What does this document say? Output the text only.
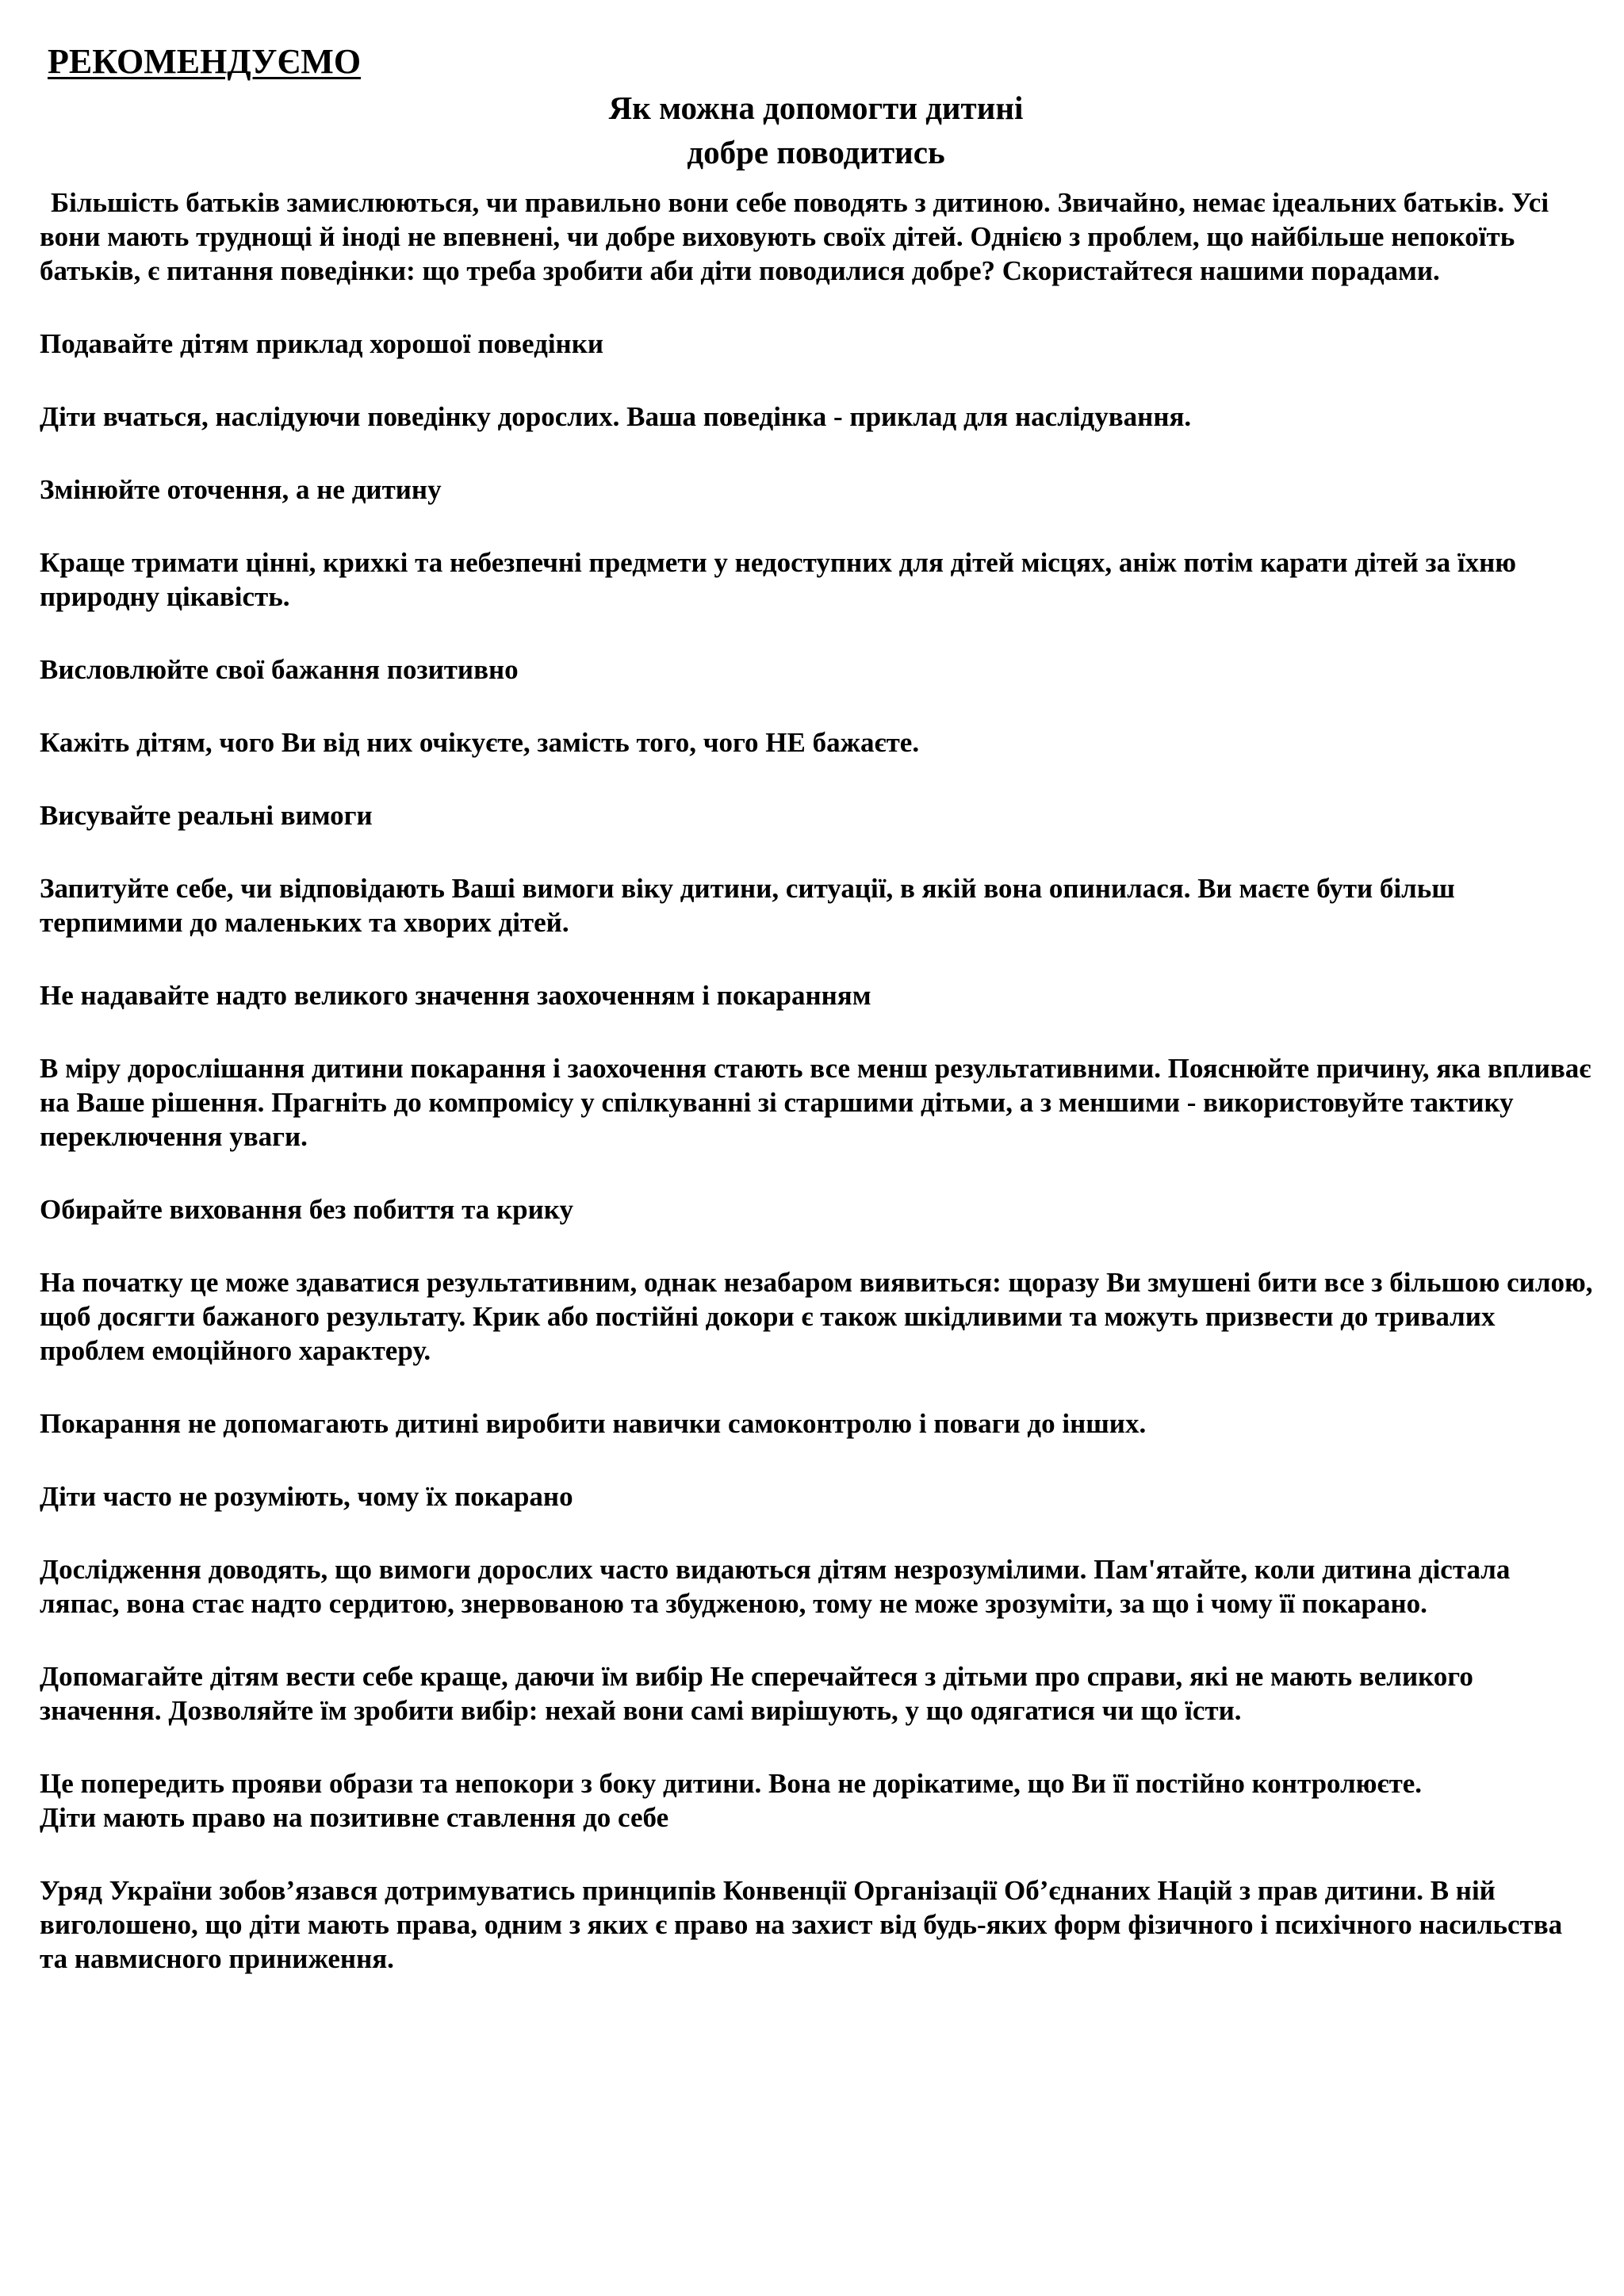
РЕКОМЕНДУЄМО

Як можна допомогти дитині
добре поводитись

Більшість батьків замислюються, чи правильно вони себе поводять з дитиною. Звичайно, немає ідеальних батьків. Усі вони мають труднощі й іноді не впевнені, чи добре виховують своїх дітей. Однією з проблем, що найбільше непокоїть батьків, є питання поведінки: що треба зробити аби діти поводилися добре? Скористайтеся нашими порадами.

Подавайте дітям приклад хорошої поведінки

Діти вчаться, наслідуючи поведінку дорослих. Ваша поведінка - приклад для наслідування.

Змінюйте оточення, а не дитину

Краще тримати цінні, крихкі та небезпечні предмети у недоступних для дітей місцях, аніж потім карати дітей за їхню природну цікавість.

Висловлюйте свої бажання позитивно

Кажіть дітям, чого Ви від них очікуєте, замість того, чого НЕ бажаєте.

Висувайте реальні вимоги

Запитуйте себе, чи відповідають Ваші вимоги віку дитини, ситуації, в якій вона опинилася. Ви маєте бути більш терпимими до маленьких та хворих дітей.

Не надавайте надто великого значення заохоченням і покаранням

В міру дорослішання дитини покарання і заохочення стають все менш результативними. Пояснюйте причину, яка впливає на Ваше рішення. Прагніть до компромісу у спілкуванні зі старшими дітьми, а з меншими - використовуйте тактику переключення уваги.

Обирайте виховання без побиття та крику

На початку це може здаватися результативним, однак незабаром виявиться: щоразу Ви змушені бити все з більшою силою, щоб досягти бажаного результату. Крик або постійні докори є також шкідливими та можуть призвести до тривалих проблем емоційного характеру.

Покарання не допомагають дитині виробити навички самоконтролю і поваги до інших.

Діти часто не розуміють, чому їх покарано

Дослідження доводять, що вимоги дорослих часто видаються дітям незрозумілими. Пам'ятайте, коли дитина дістала ляпас, вона стає надто сердитою, знервованою та збудженою, тому не може зрозуміти, за що і чому її покарано.

Допомагайте дітям вести себе краще, даючи їм вибір Не сперечайтеся з дітьми про справи, які не мають великого значення. Дозволяйте їм зробити вибір: нехай вони самі вирішують, у що одягатися чи що їсти.

Це попередить прояви образи та непокори з боку дитини. Вона не дорікатиме, що Ви її постійно контролюєте.

Діти мають право на позитивне ставлення до себе

Уряд України зобов’язався дотримуватись принципів Конвенції Організації Об’єднаних Націй з прав дитини. В ній виголошено, що діти мають права, одним з яких є право на захист від будь-яких форм фізичного і психічного насильства та навмисного приниження.
